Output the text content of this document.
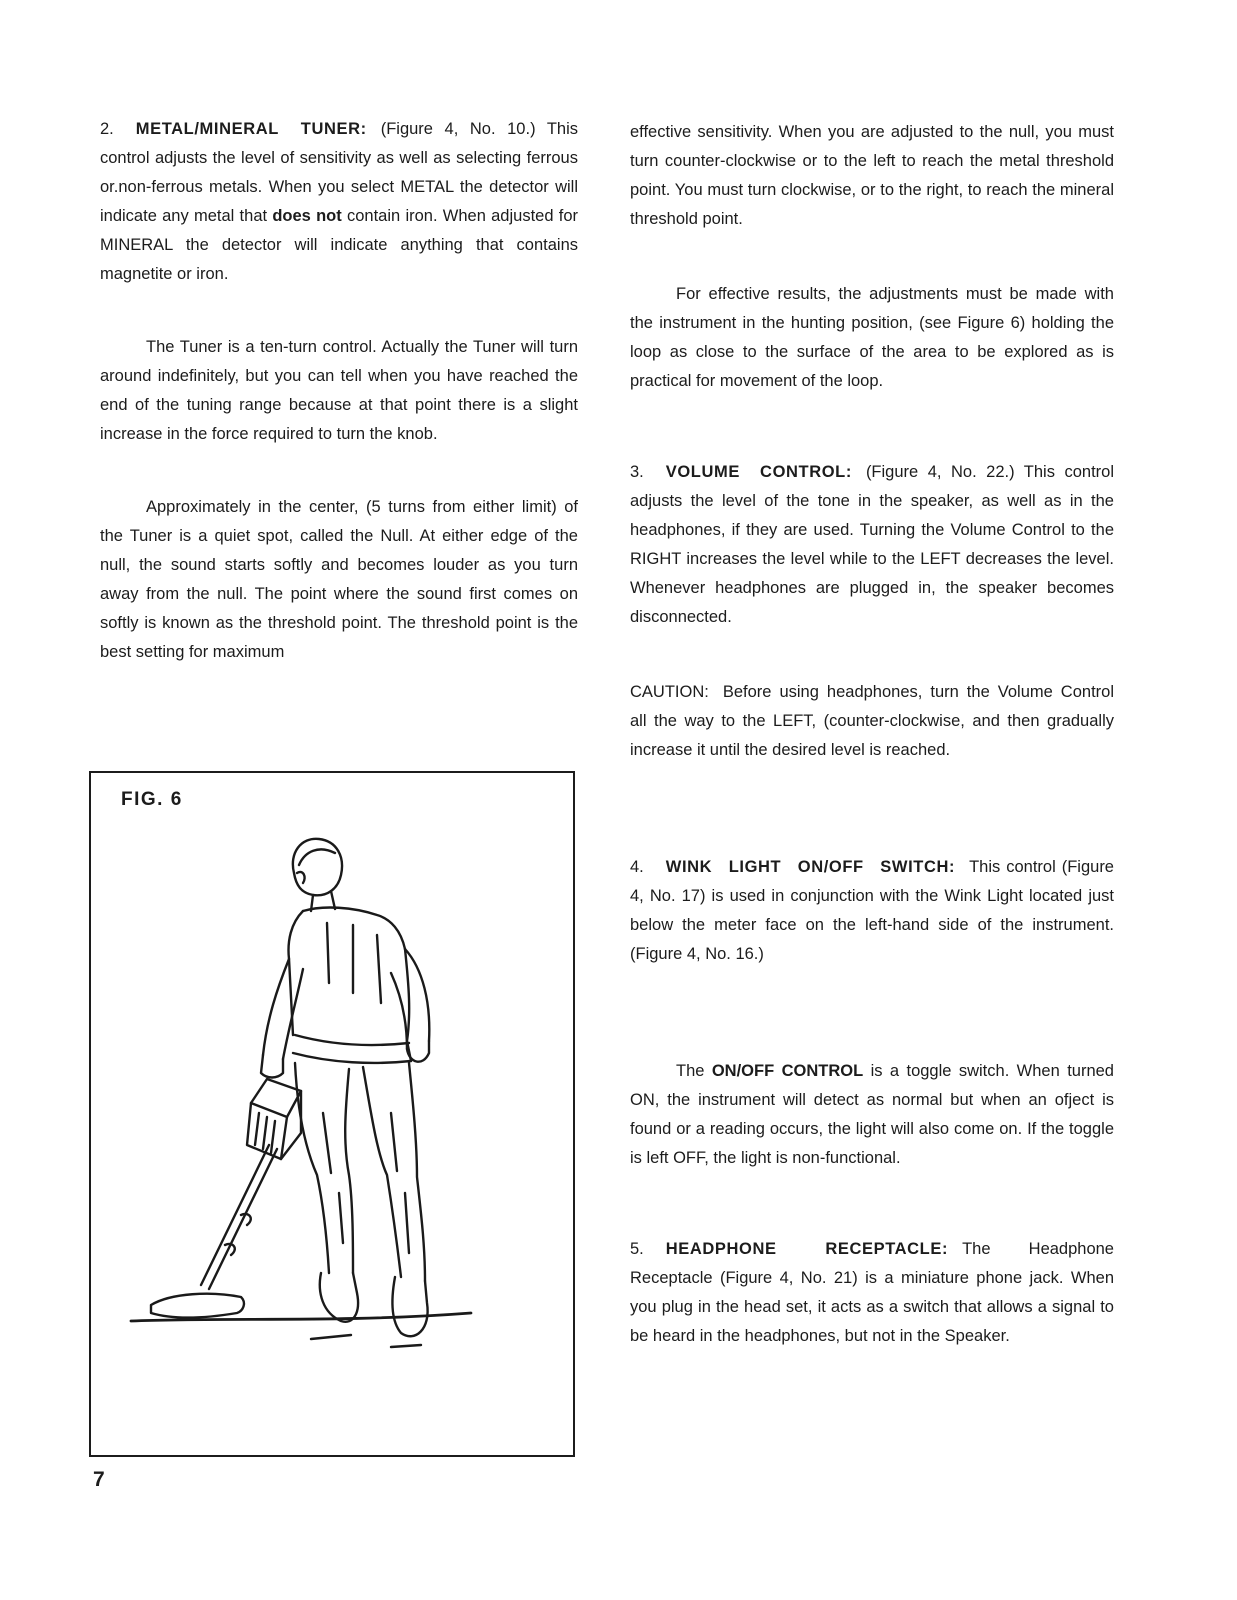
2. METAL/MINERAL TUNER: (Figure 4, No. 10.) This control adjusts the level of sensitivity as well as selecting ferrous or.non-ferrous metals. When you select METAL the detector will indicate any metal that does not contain iron. When adjusted for MINERAL the detector will indicate anything that contains magnetite or iron.

The Tuner is a ten-turn control. Actually the Tuner will turn around indefinitely, but you can tell when you have reached the end of the tuning range because at that point there is a slight increase in the force required to turn the knob.

Approximately in the center, (5 turns from either limit) of the Tuner is a quiet spot, called the Null. At either edge of the null, the sound starts softly and becomes louder as you turn away from the null. The point where the sound first comes on softly is known as the threshold point. The threshold point is the best setting for maximum

effective sensitivity. When you are adjusted to the null, you must turn counter-clockwise or to the left to reach the metal threshold point. You must turn clockwise, or to the right, to reach the mineral threshold point.

For effective results, the adjustments must be made with the instrument in the hunting position, (see Figure 6) holding the loop as close to the surface of the area to be explored as is practical for movement of the loop.

3. VOLUME CONTROL: (Figure 4, No. 22.) This control adjusts the level of the tone in the speaker, as well as in the headphones, if they are used. Turning the Volume Control to the RIGHT increases the level while to the LEFT decreases the level. Whenever headphones are plugged in, the speaker becomes disconnected.

CAUTION: Before using headphones, turn the Volume Control all the way to the LEFT, (counter-clockwise, and then gradually increase it until the desired level is reached.

4. WINK LIGHT ON/OFF SWITCH: This control (Figure 4, No. 17) is used in conjunction with the Wink Light located just below the meter face on the left-hand side of the instrument. (Figure 4, No. 16.)

The ON/OFF CONTROL is a toggle switch. When turned ON, the instrument will detect as normal but when an ofject is found or a reading occurs, the light will also come on. If the toggle is left OFF, the light is non-functional.

5. HEADPHONE RECEPTACLE: The Headphone Receptacle (Figure 4, No. 21) is a miniature phone jack. When you plug in the head set, it acts as a switch that allows a signal to be heard in the headphones, but not in the Speaker.

FIG. 6
7
